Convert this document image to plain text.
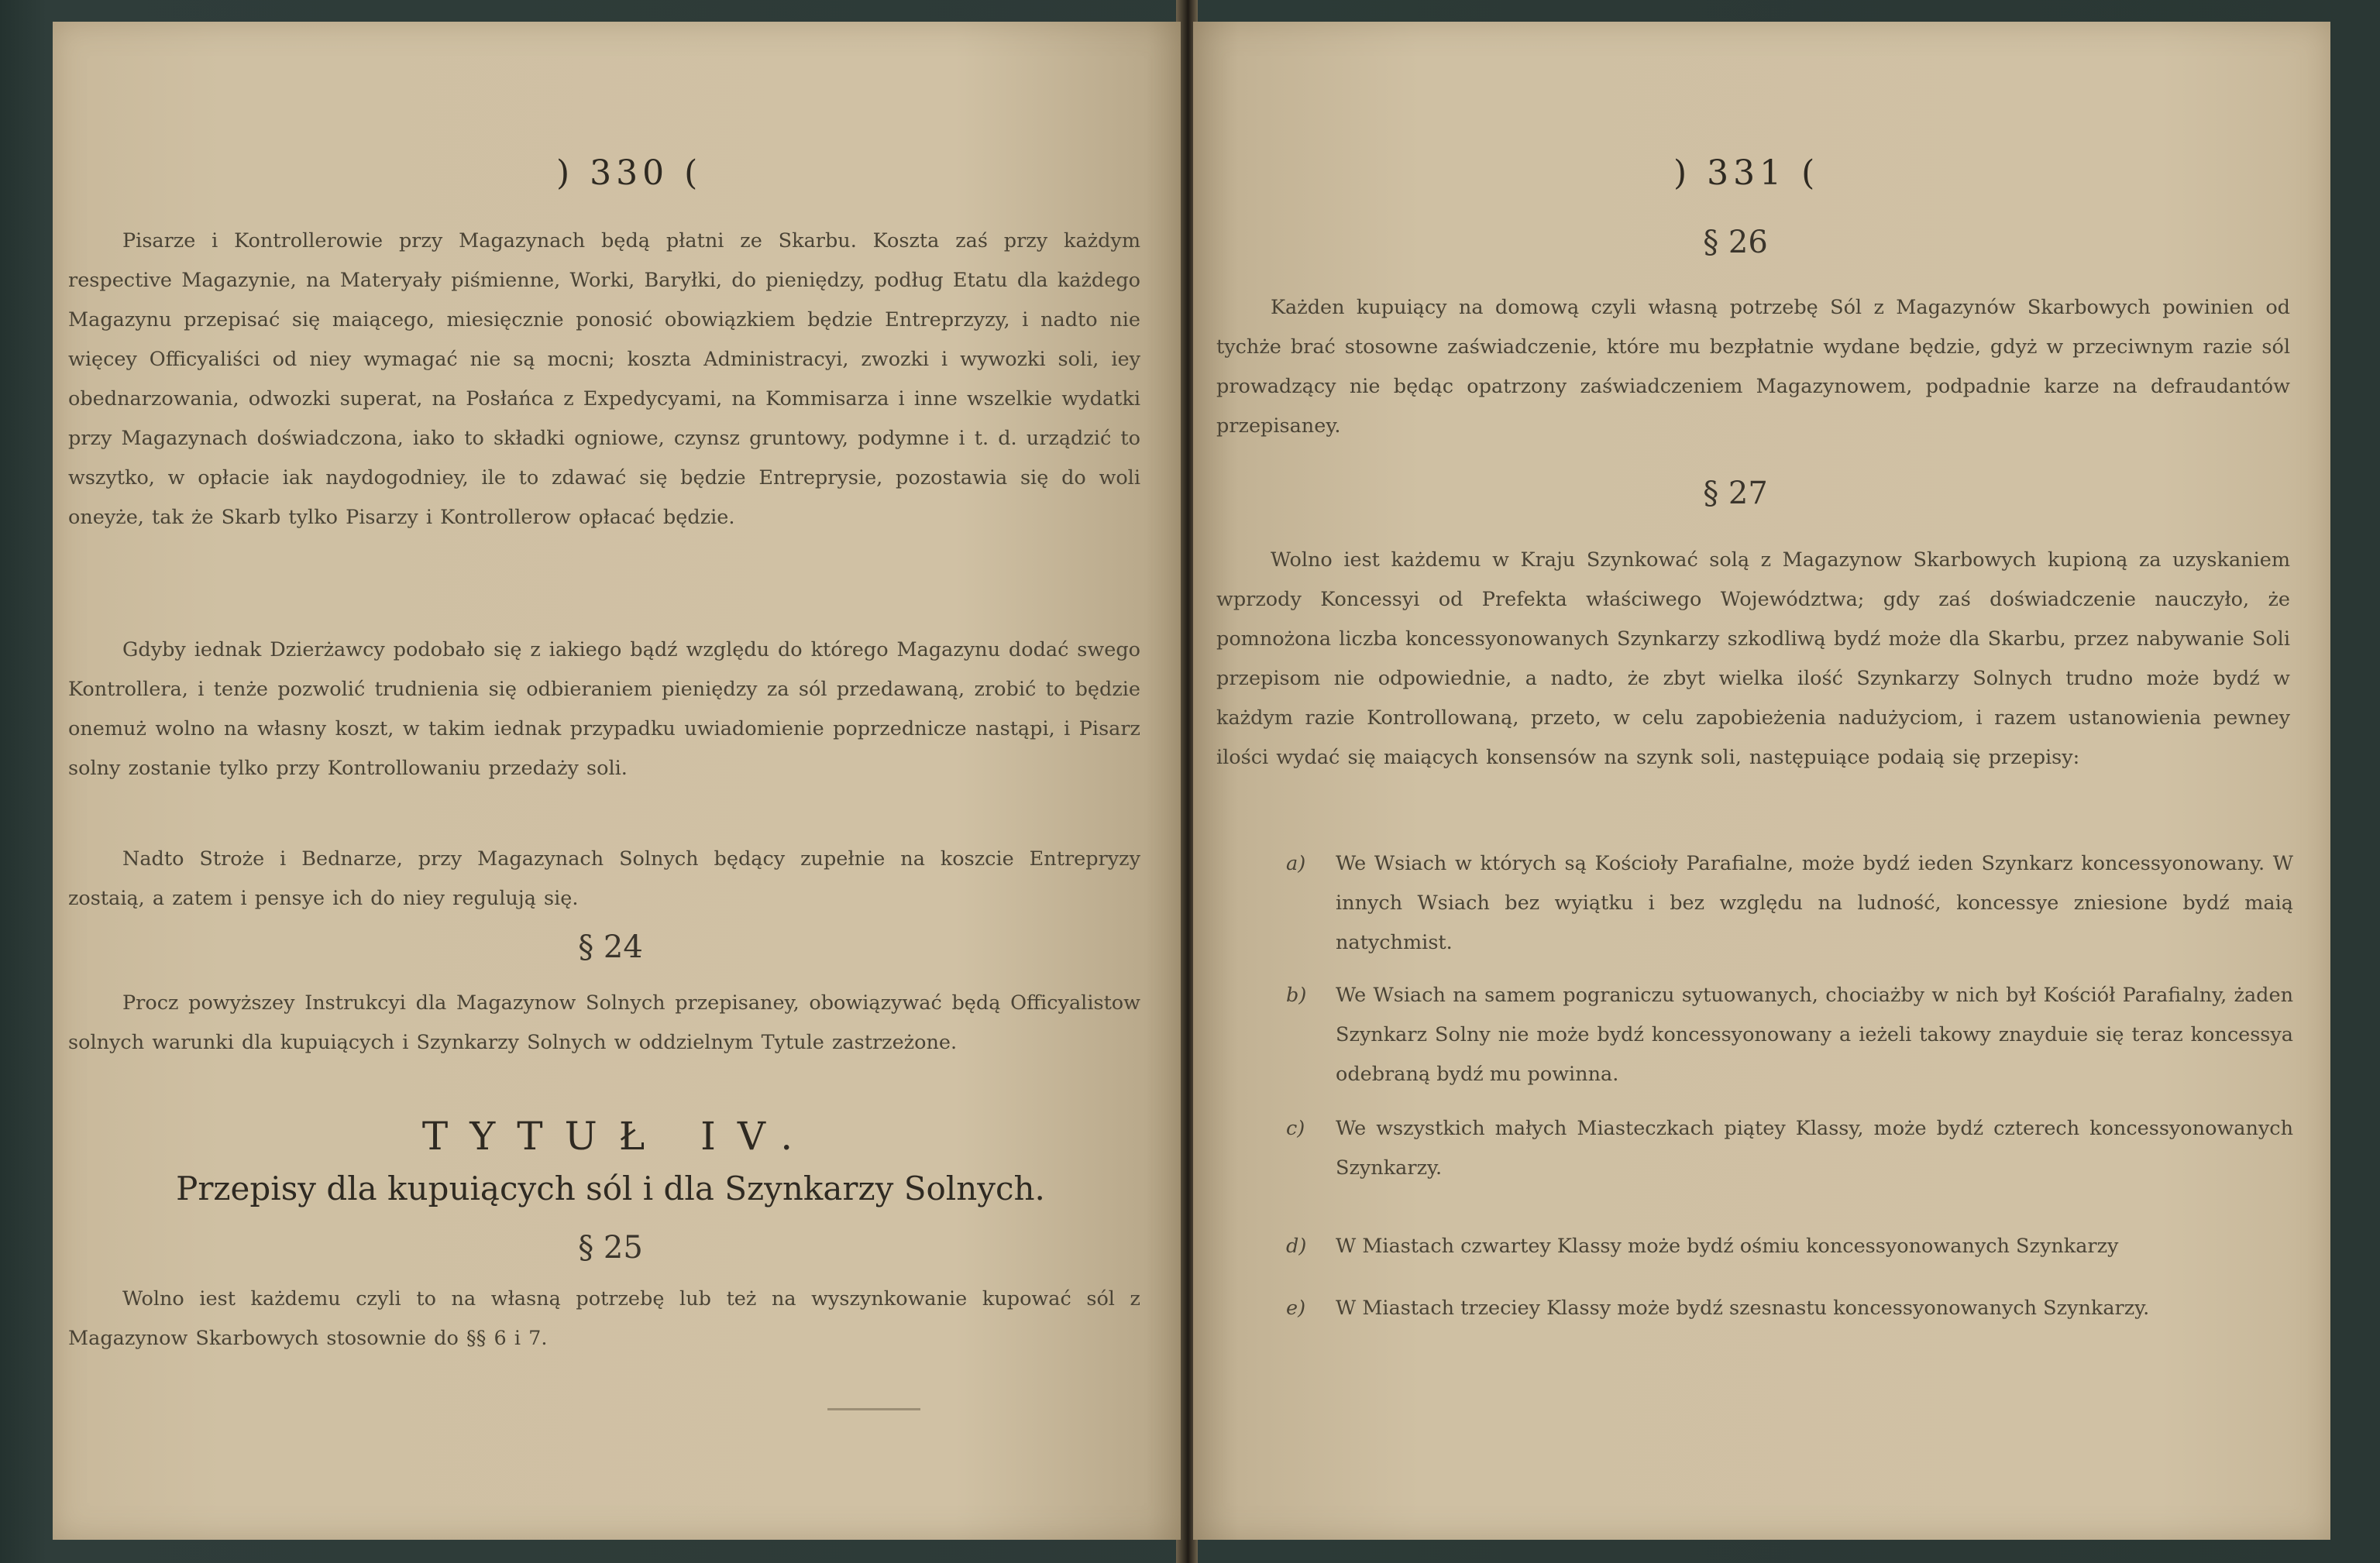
) 330 (
Pisarze i Kontrollerowie przy Magazynach będą płatni ze Skarbu. Koszta zaś przy każdym respective Magazynie, na Materyały piśmienne, Worki, Baryłki, do pieniędzy, podług Etatu dla każdego Magazynu przepisać się maiącego, miesięcznie ponosić obowiązkiem będzie Entreprzyzy, i nadto nie więcey Officyaliści od niey wymagać nie są mocni; koszta Administracyi, zwozki i wywozki soli, iey obednarzowania, odwozki superat, na Posłańca z Expedycyami, na Kommisarza i inne wszelkie wydatki przy Magazynach doświadczona, iako to składki ogniowe, czynsz gruntowy, podymne i t. d. urządzić to wszytko, w opłacie iak naydogodniey, ile to zdawać się będzie Entreprysie, pozostawia się do woli oneyże, tak że Skarb tylko Pisarzy i Kontrollerow opłacać będzie.
Gdyby iednak Dzierżawcy podobało się z iakiego bądź względu do którego Magazynu dodać swego Kontrollera, i tenże pozwolić trudnienia się odbieraniem pieniędzy za sól przedawaną, zrobić to będzie onemuż wolno na własny koszt, w takim iednak przypadku uwiadomienie poprzednicze nastąpi, i Pisarz solny zostanie tylko przy Kontrollowaniu przedaży soli.
Nadto Stroże i Bednarze, przy Magazynach Solnych będący zupełnie na koszcie Entrepryzy zostaią, a zatem i pensye ich do niey regulują się.
§ 24
Procz powyższey Instrukcyi dla Magazynow Solnych przepisaney, obowiązywać będą Officyalistow solnych warunki dla kupuiących i Szynkarzy Solnych w oddzielnym Tytule zastrzeżone.
TYTUŁ IV.
Przepisy dla kupuiących sól i dla Szynkarzy Solnych.
§ 25
Wolno iest każdemu czyli to na własną potrzebę lub też na wyszynkowanie kupować sól z Magazynow Skarbowych stosownie do §§ 6 i 7.
) 331 (
§ 26
Każden kupuiący na domową czyli własną potrzebę Sól z Magazynów Skarbowych powinien od tychże brać stosowne zaświadczenie, które mu bezpłatnie wydane będzie, gdyż w przeciwnym razie sól prowadzący nie będąc opatrzony zaświadczeniem Magazynowem, podpadnie karze na defraudantów przepisaney.
§ 27
Wolno iest każdemu w Kraju Szynkować solą z Magazynow Skarbowych kupioną za uzyskaniem wprzody Koncessyi od Prefekta właściwego Województwa; gdy zaś doświadczenie nauczyło, że pomnożona liczba koncessyonowanych Szynkarzy szkodliwą bydź może dla Skarbu, przez nabywanie Soli przepisom nie odpowiednie, a nadto, że zbyt wielka ilość Szynkarzy Solnych trudno może bydź w każdym razie Kontrollowaną, przeto, w celu zapobieżenia nadużyciom, i razem ustanowienia pewney ilości wydać się maiących konsensów na szynk soli, następuiące podaią się przepisy:
a)	We Wsiach w których są Kościoły Parafialne, może bydź ieden Szynkarz koncessyonowany. W innych Wsiach bez wyiątku i bez względu na ludność, koncessye zniesione bydź maią natychmist.
b)	We Wsiach na samem pograniczu sytuowanych, chociażby w nich był Kościół Parafialny, żaden Szynkarz Solny nie może bydź koncessyonowany a ieżeli takowy znayduie się teraz koncessya odebraną bydź mu powinna.
c)	We wszystkich małych Miasteczkach piątey Klassy, może bydź czterech koncessyonowanych Szynkarzy.
d)	W Miastach czwartey Klassy może bydź ośmiu koncessyonowanych Szynkarzy
e)	W Miastach trzeciey Klassy może bydź szesnastu koncessyonowanych Szynkarzy.
